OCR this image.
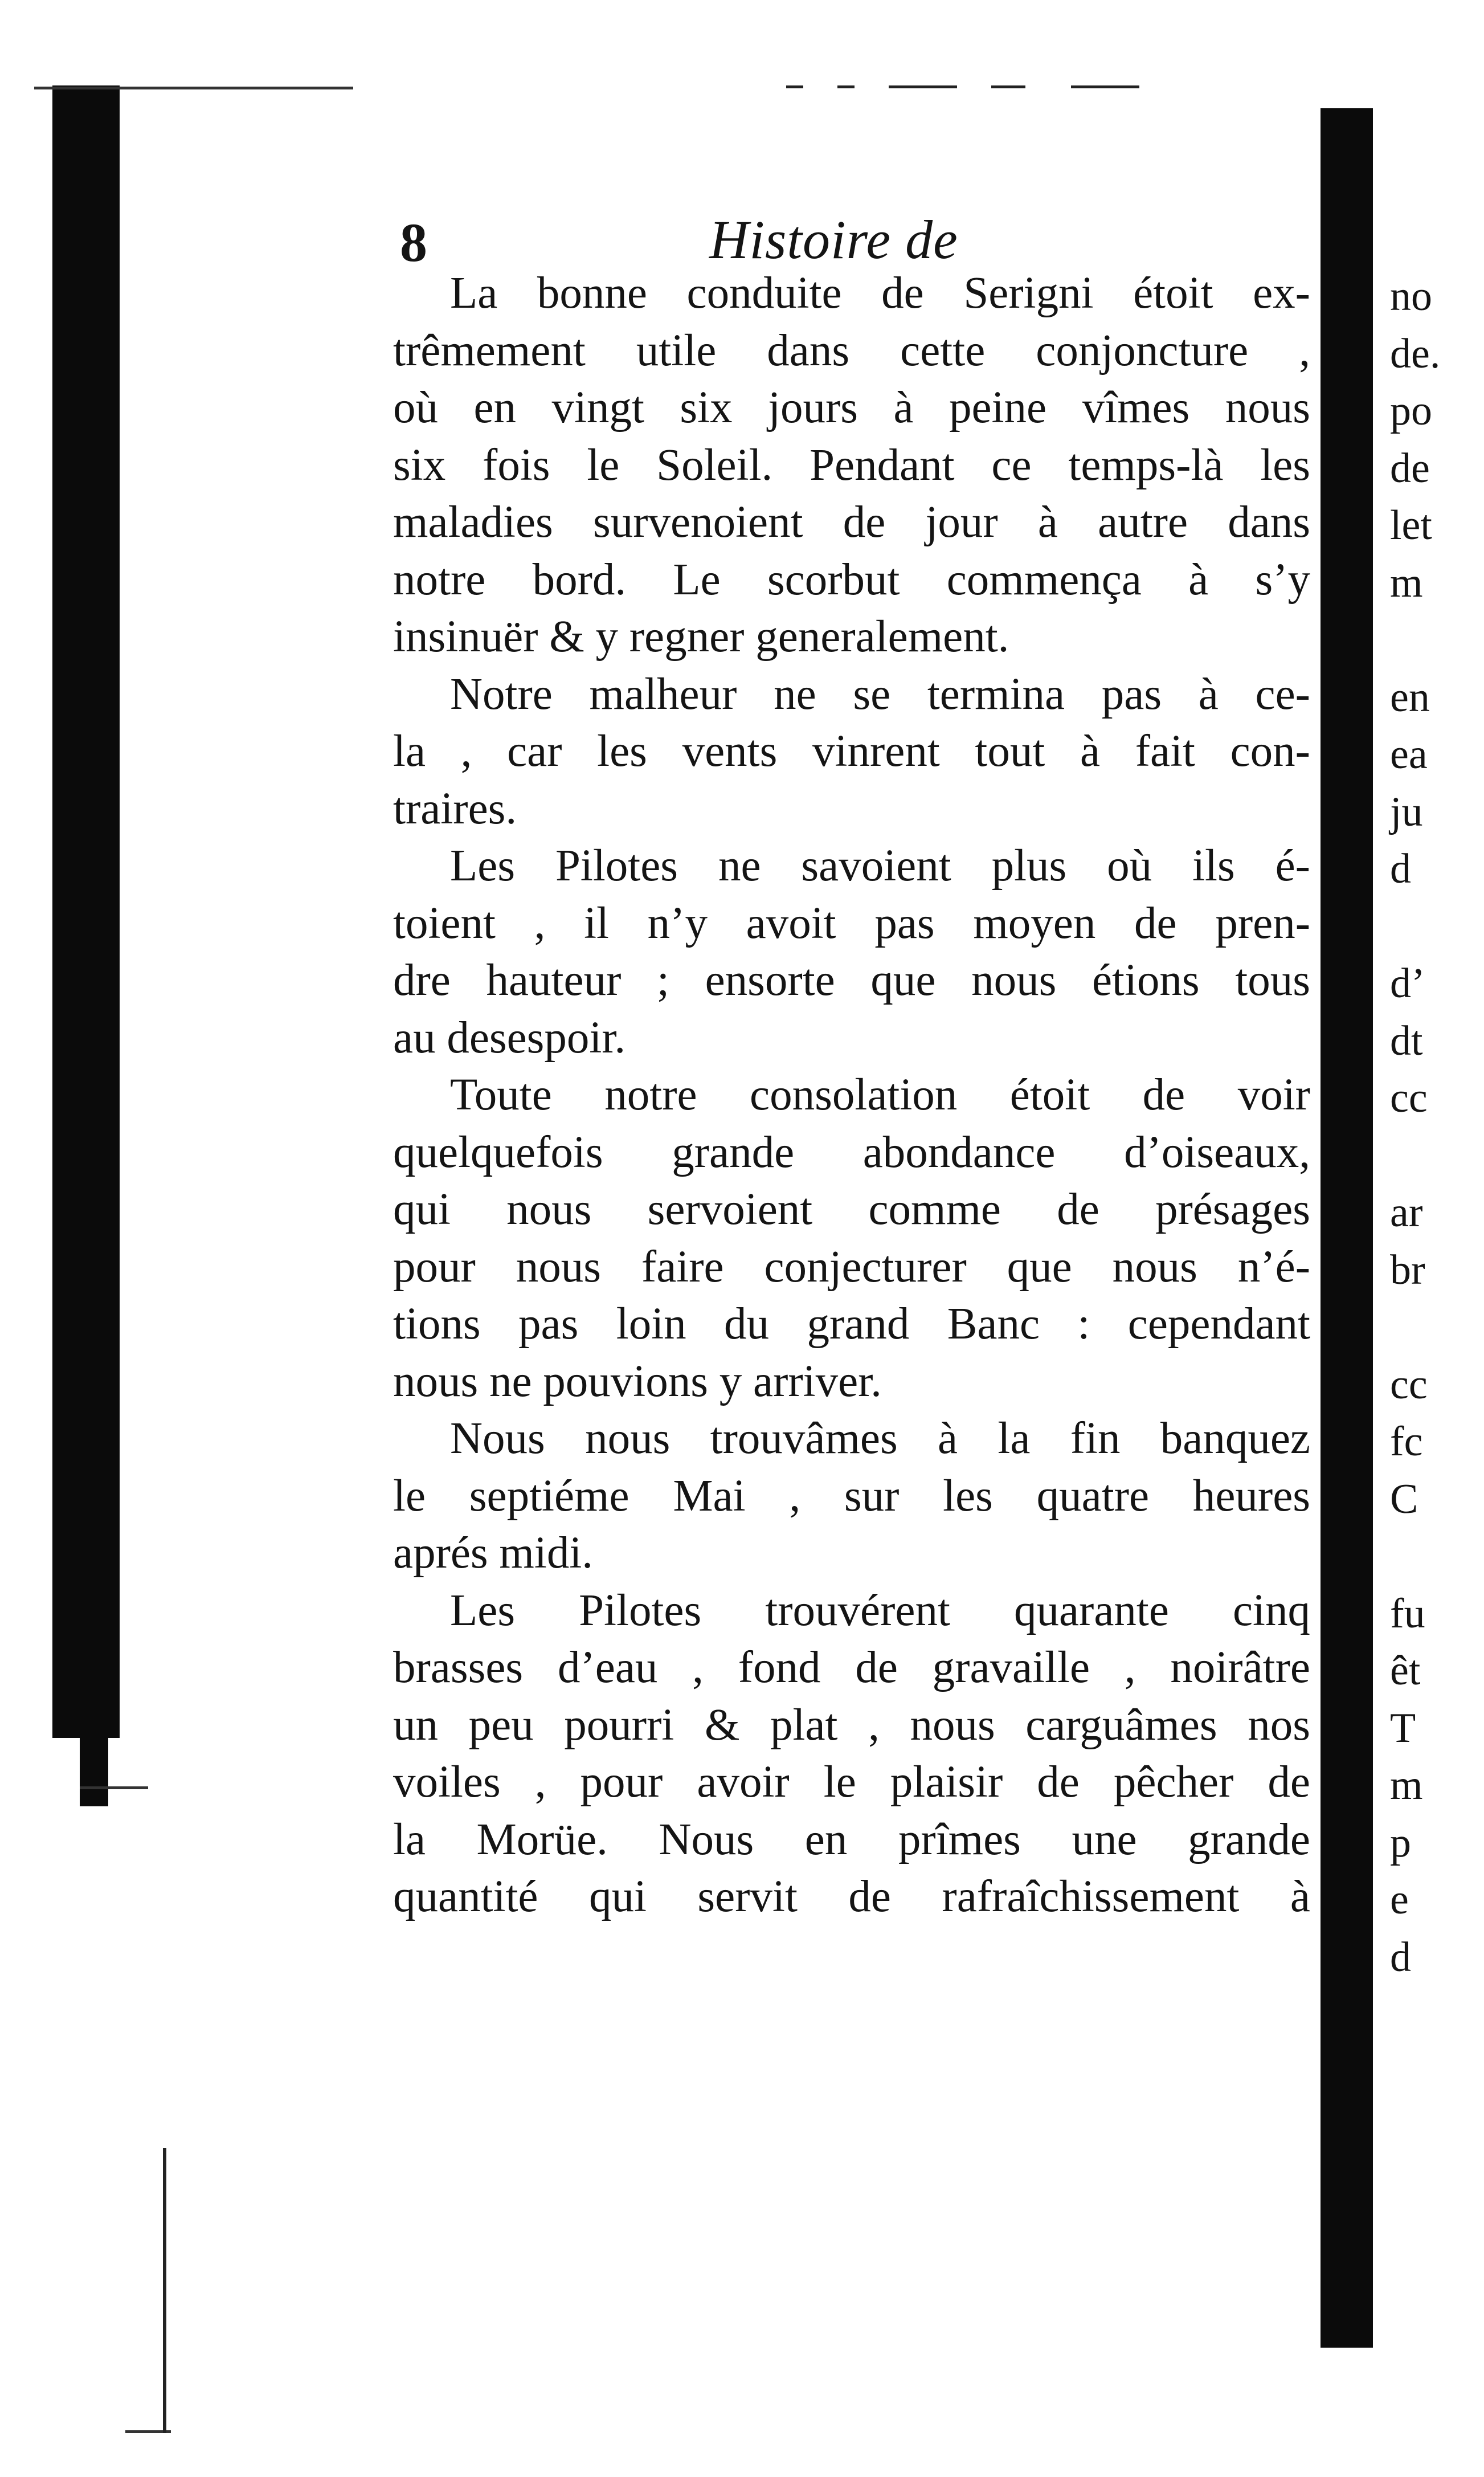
8	Histoire de
La bonne conduite de Serigni étoit ex-
trêmement utile dans cette conjoncture ,
où en vingt six jours à peine vîmes nous
six fois le Soleil. Pendant ce temps-là les
maladies survenoient de jour à autre dans
notre bord. Le scorbut commença à s’y
insinuër & y regner generalement.
Notre malheur ne se termina pas à ce-
la , car les vents vinrent tout à fait con-
traires.
Les Pilotes ne savoient plus où ils é-
toient , il n’y avoit pas moyen de pren-
dre hauteur ; ensorte que nous étions tous
au desespoir.
Toute notre consolation étoit de voir
quelquefois grande abondance d’oiseaux,
qui nous servoient comme de présages
pour nous faire conjecturer que nous n’é-
tions pas loin du grand Banc : cependant
nous ne pouvions y arriver.
Nous nous trouvâmes à la fin banquez
le septiéme Mai , sur les quatre heures
aprés midi.
Les Pilotes trouvérent quarante cinq
brasses d’eau , fond de gravaille , noirâtre
un peu pourri & plat , nous carguâmes nos
voiles , pour avoir le plaisir de pêcher de
la Morüe. Nous en prîmes une grande
quantité qui servit de rafraîchissement à
no
de.
po
de
let
m
en
ea
ju
d
d’
dt
cc
ar
br
cc
fc
C
fu
êt
T
m
p
e
d
